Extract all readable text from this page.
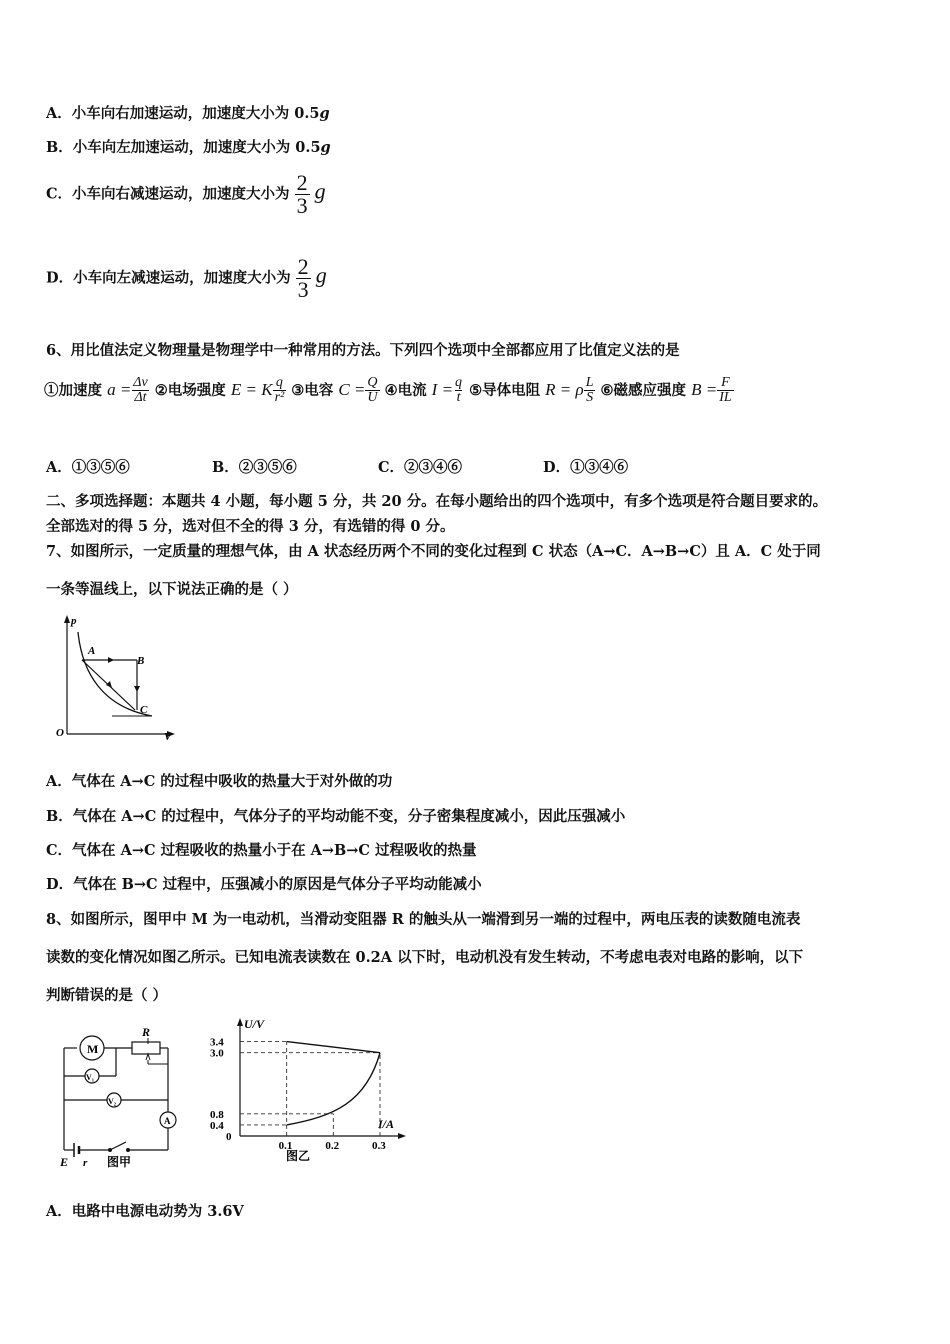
A．小车向右加速运动，加速度大小为 0.5g
B．小车向左加速运动，加速度大小为 0.5g
C．小车向右减速运动，加速度大小为 $\frac{2}{3}$ g
D．小车向左减速运动，加速度大小为 $\frac{2}{3}$ g
6、用比值法定义物理量是物理学中一种常用的方法。下列四个选项中全部都应用了比值定义法的是
①加速度 $a = \frac{\Delta v}{\Delta t}$ ②电场强度 E = K $\frac{q}{\text{r²}}$ ③电容 $C = \frac{Q}{U}$ ④电流 $I = \frac{q}{t}$ ⑤导体电阻 R = ρ $\frac{L}{S}$ ⑥磁感应强度 $B = \frac{F}{IL}$
A．①③⑤⑥	B．②③⑤⑥	C．②③④⑥	D．①③④⑥
二、多项选择题：本题共 4 小题，每小题 5 分，共 20 分。在每小题给出的四个选项中，有多个选项是符合题目要求的。
全部选对的得 5 分，选对但不全的得 3 分，有选错的得 0 分。
7、如图所示，一定质量的理想气体，由 A 状态经历两个不同的变化过程到 C 状态（A→C．A→B→C）且 A．C 处于同
一条等温线上，以下说法正确的是（ ）
p
V
O
A
B
C
A．气体在 A→C 的过程中吸收的热量大于对外做的功
B．气体在 A→C 的过程中，气体分子的平均动能不变，分子密集程度减小，因此压强减小
C．气体在 A→C 过程吸收的热量小于在 A→B→C 过程吸收的热量
D．气体在 B→C 过程中，压强减小的原因是气体分子平均动能减小
8、如图所示，图甲中 M 为一电动机，当滑动变阻器 R 的触头从一端滑到另一端的过程中，两电压表的读数随电流表
读数的变化情况如图乙所示。已知电流表读数在 0.2A 以下时，电动机没有发生转动，不考虑电表对电路的影响，以下
判断错误的是（ ）
M
R
V₁
V₂
A
E r 图甲
U/V
I/A
0
3.4
3.0
0.8
0.4
0.1	0.2	0.3
图乙
A．电路中电源电动势为 3.6V
